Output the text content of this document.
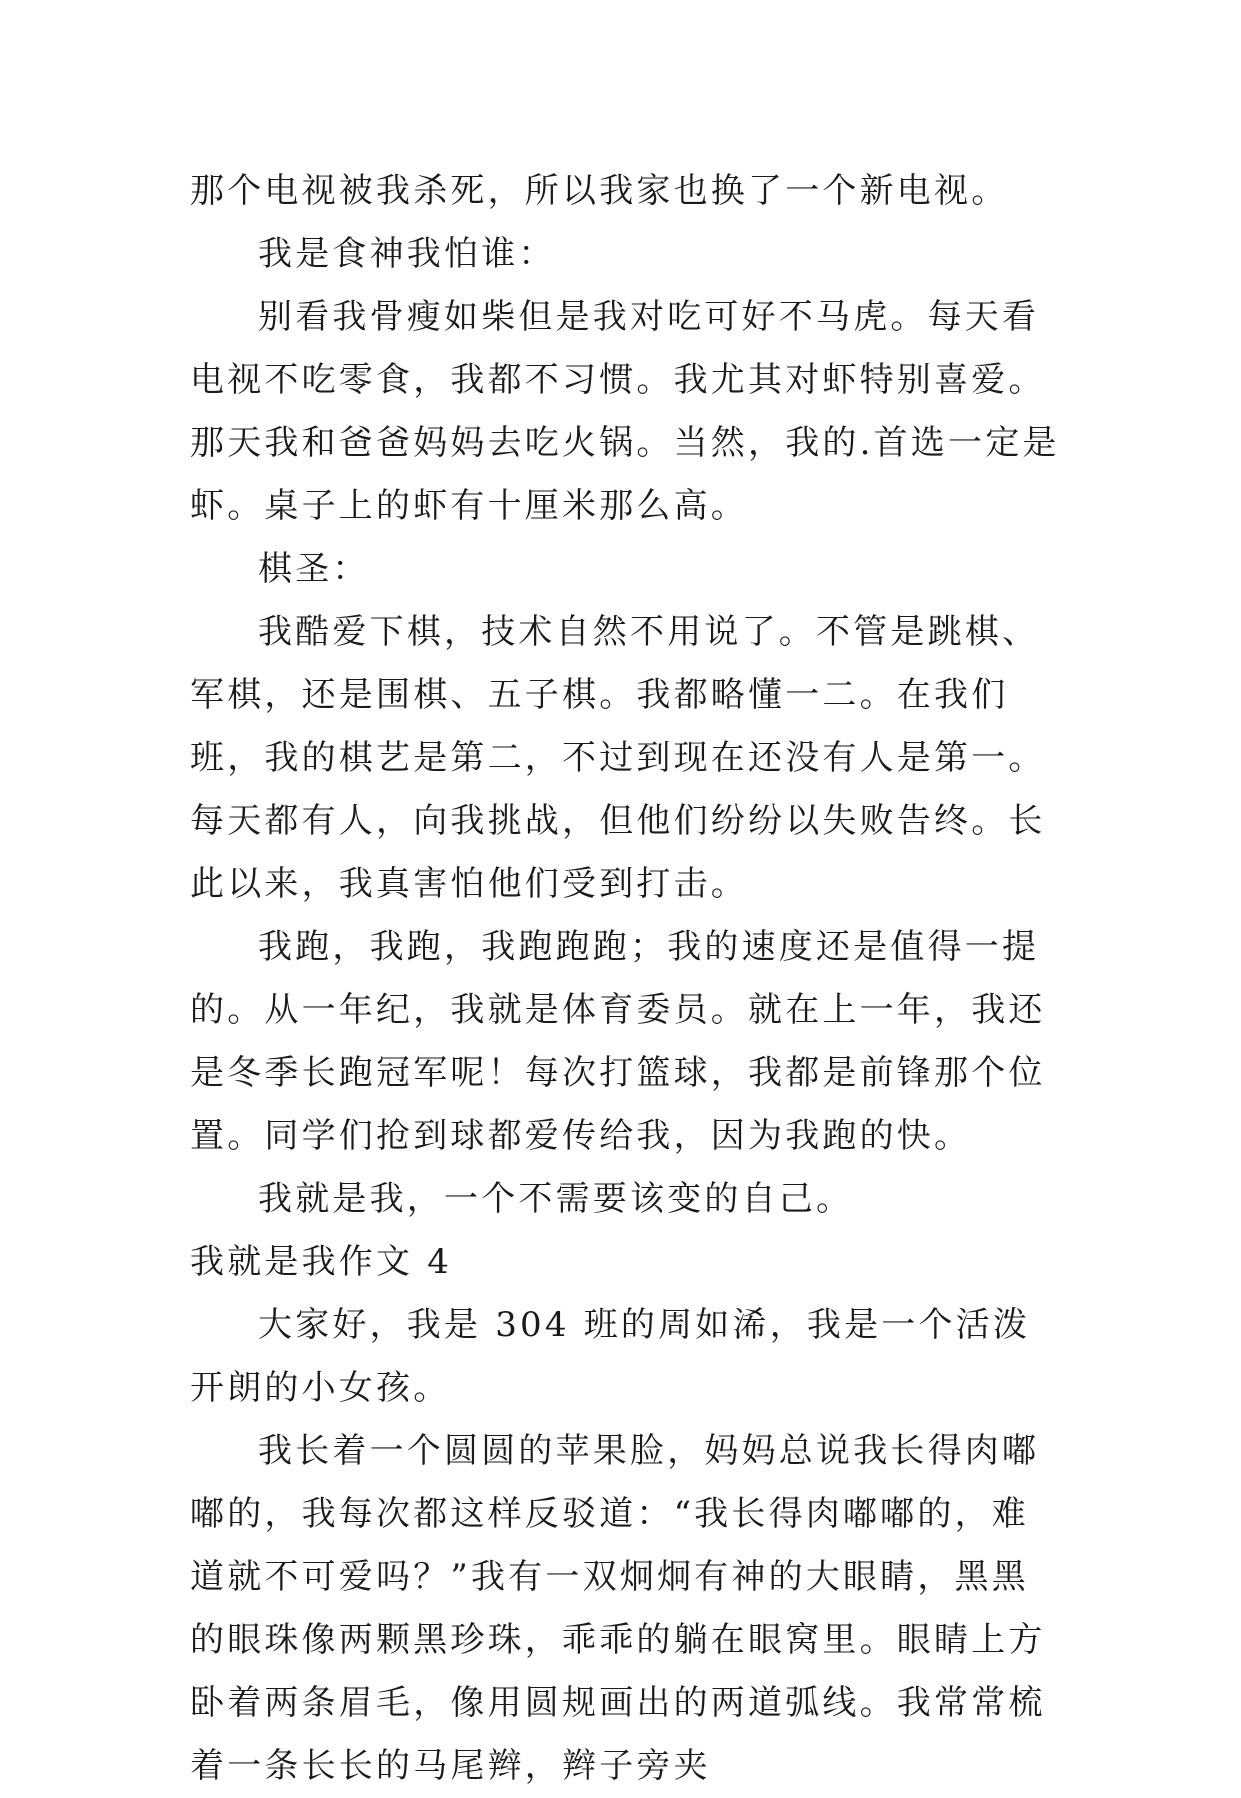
那个电视被我杀死，所以我家也换了一个新电视。

我是食神我怕谁：

别看我骨瘦如柴但是我对吃可好不马虎。每天看电视不吃零食，我都不习惯。我尤其对虾特别喜爱。那天我和爸爸妈妈去吃火锅。当然，我的.首选一定是虾。桌子上的虾有十厘米那么高。

棋圣：

我酷爱下棋，技术自然不用说了。不管是跳棋、军棋，还是围棋、五子棋。我都略懂一二。在我们班，我的棋艺是第二，不过到现在还没有人是第一。每天都有人，向我挑战，但他们纷纷以失败告终。长此以来，我真害怕他们受到打击。

我跑，我跑，我跑跑跑；我的速度还是值得一提的。从一年纪，我就是体育委员。就在上一年，我还是冬季长跑冠军呢！每次打篮球，我都是前锋那个位置。同学们抢到球都爱传给我，因为我跑的快。

我就是我，一个不需要该变的自己。

我就是我作文 4

大家好，我是 304 班的周如浠，我是一个活泼开朗的小女孩。

我长着一个圆圆的苹果脸，妈妈总说我长得肉嘟嘟的，我每次都这样反驳道：“我长得肉嘟嘟的，难道就不可爱吗？”我有一双炯炯有神的大眼睛，黑黑的眼珠像两颗黑珍珠，乖乖的躺在眼窝里。眼睛上方卧着两条眉毛，像用圆规画出的两道弧线。我常常梳着一条长长的马尾辫，辫子旁夹
